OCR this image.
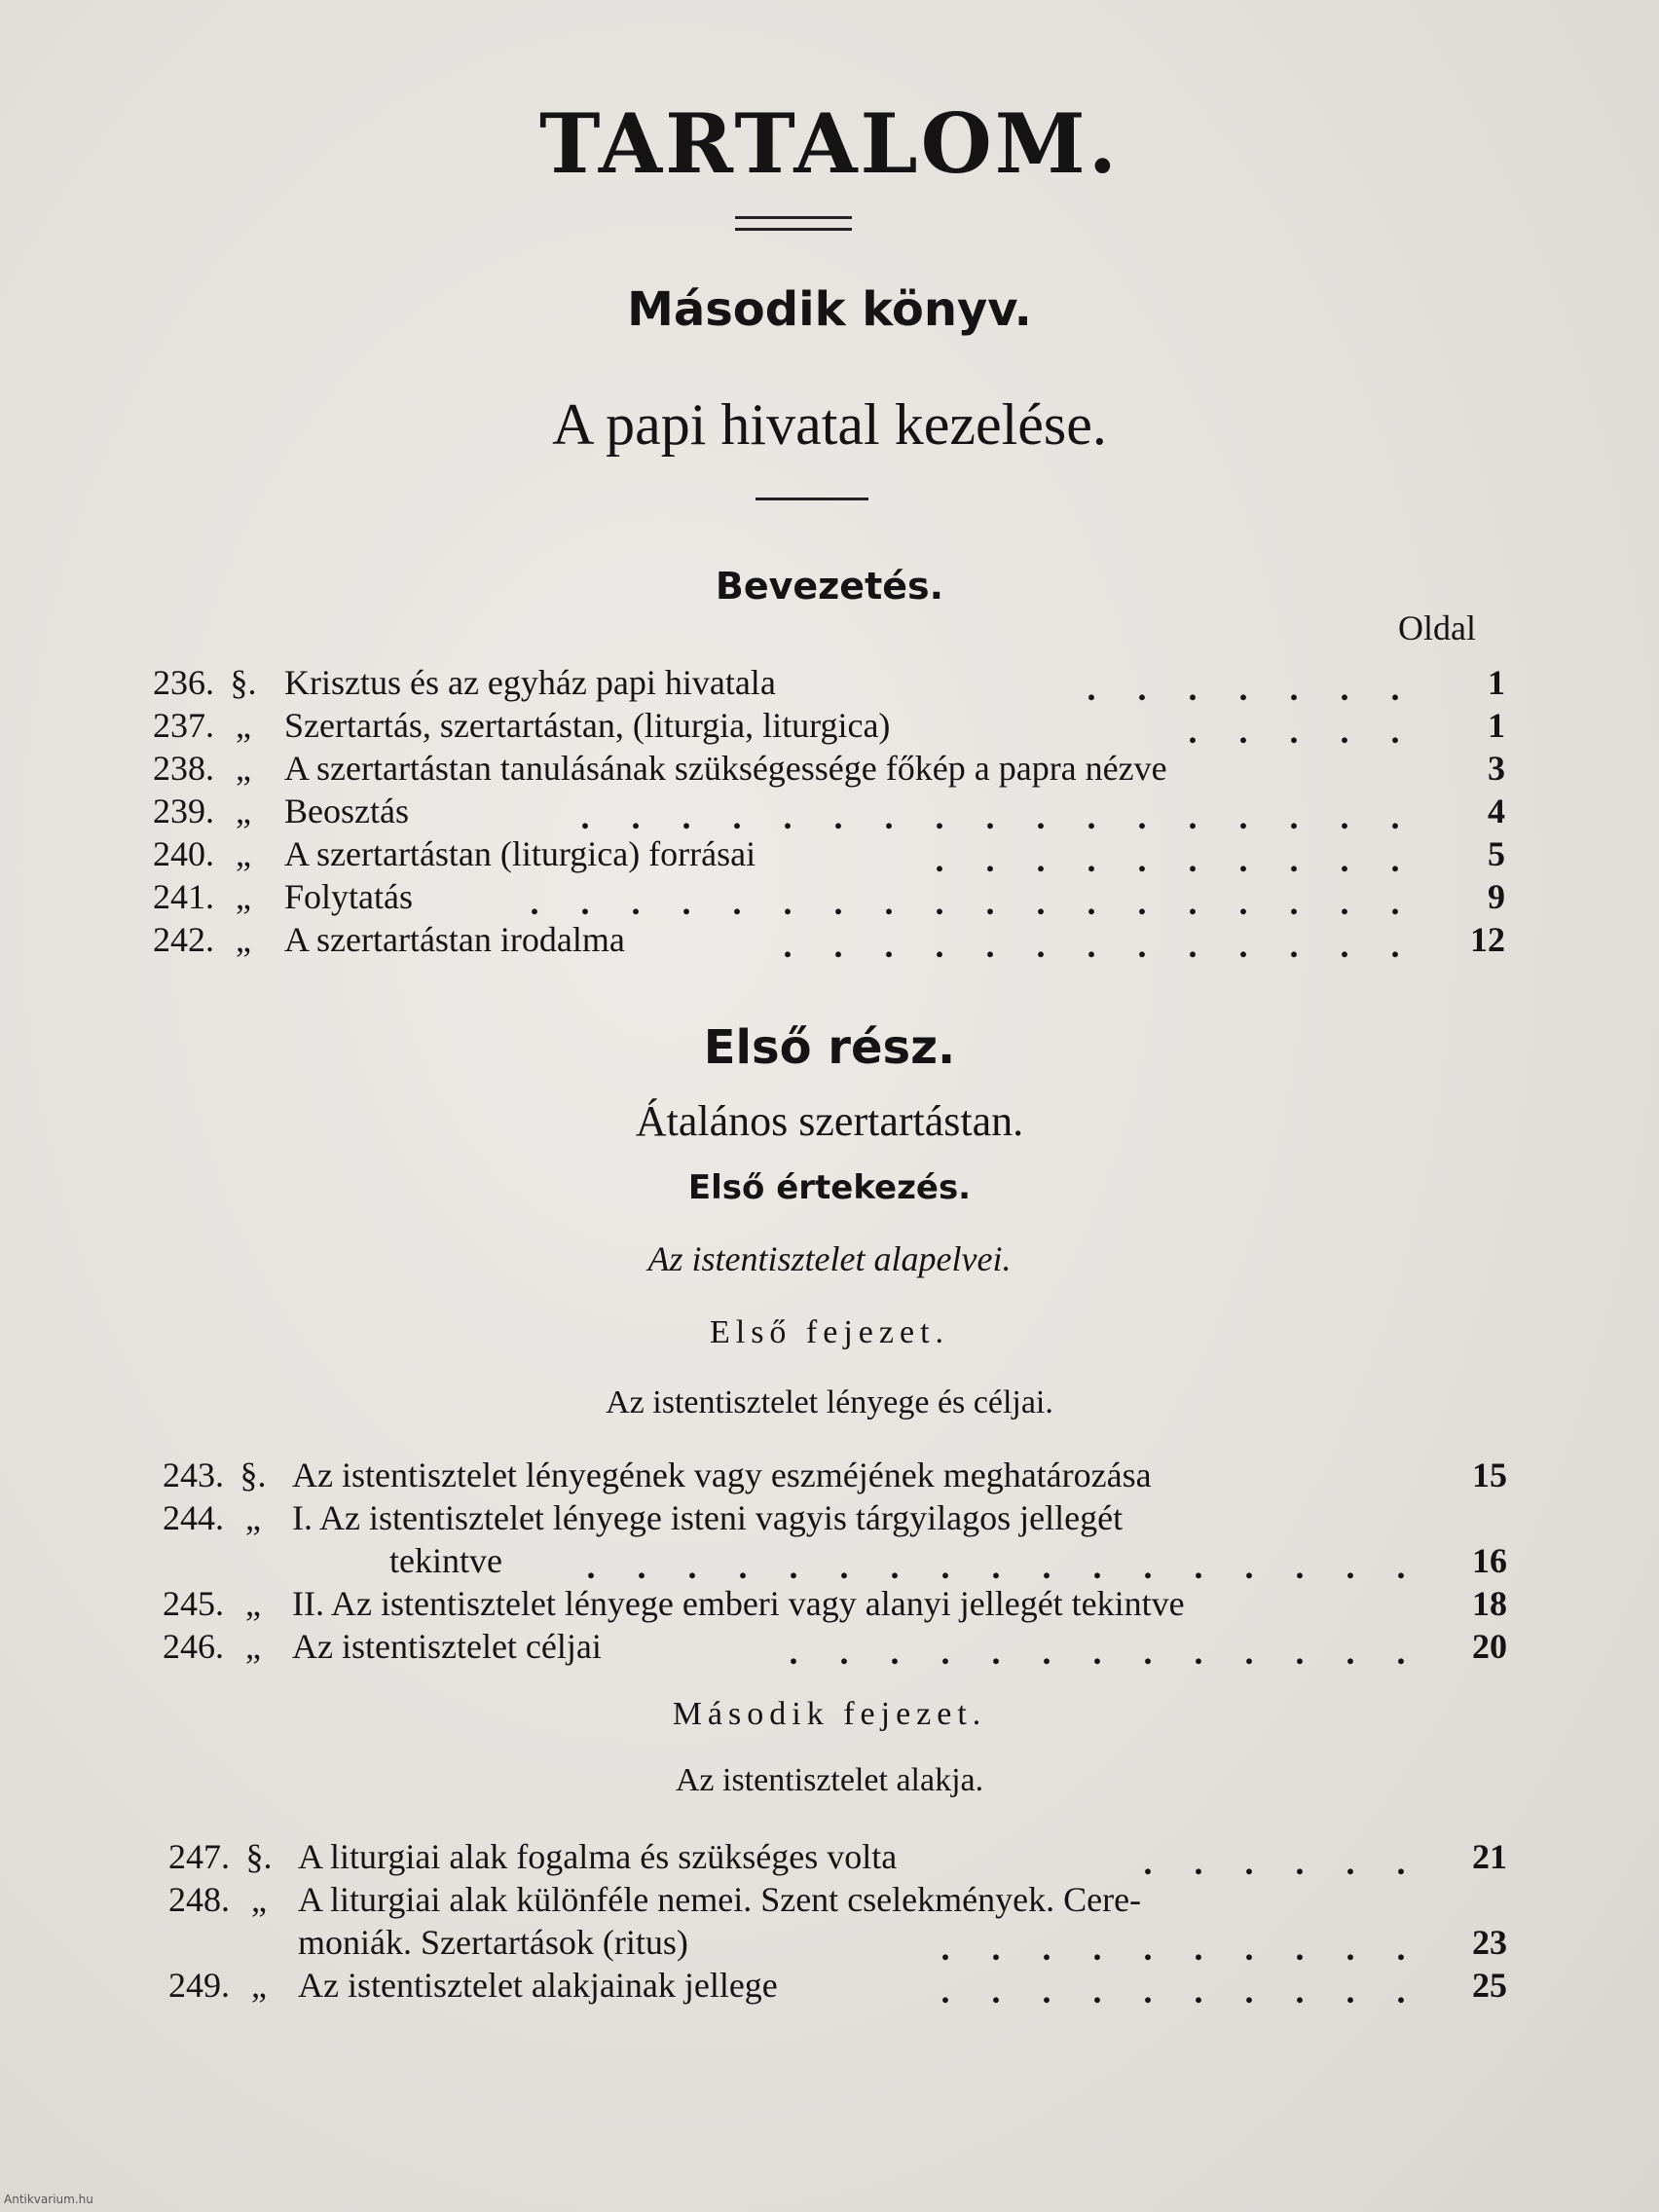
TARTALOM.
Második könyv.
A papi hivatal kezelése.
Bevezetés.
Oldal
236. §. Krisztus és az egyház papi hivatala	. . . . . . .	1
237. „ Szertartás, szertartástan, (liturgia, liturgica)	. . . . .	1
238. „ A szertartástan tanulásának szükségessége főkép a papra nézve	3
239. „ Beosztás	. . . . . . . . . . . . . . . . .	4
240. „ A szertartástan (liturgica) forrásai	. . . . . . . . . .	5
241. „ Folytatás	. . . . . . . . . . . . . . . . . .	9
242. „ A szertartástan irodalma	. . . . . . . . . . . . .	12
Első rész.
Átalános szertartástan.
Első értekezés.
Az istentisztelet alapelvei.
Első fejezet.
Az istentisztelet lényege és céljai.
243. §. Az istentisztelet lényegének vagy eszméjének meghatározása	15
244. „ I. Az istentisztelet lényege isteni vagyis tárgyilagos jellegét
tekintve	. . . . . . . . . . . . . . . . .	16
245. „ II. Az istentisztelet lényege emberi vagy alanyi jellegét tekintve	18
246. „ Az istentisztelet céljai	. . . . . . . . . . . . .	20
Második fejezet.
Az istentisztelet alakja.
247. §. A liturgiai alak fogalma és szükséges volta	. . . . . .	21
248. „ A liturgiai alak különféle nemei. Szent cselekmények. Cere-
moniák. Szertartások (ritus)	. . . . . . . . . .	23
249. „ Az istentisztelet alakjainak jellege	. . . . . . . . . .	25
Antikvarium.hu
